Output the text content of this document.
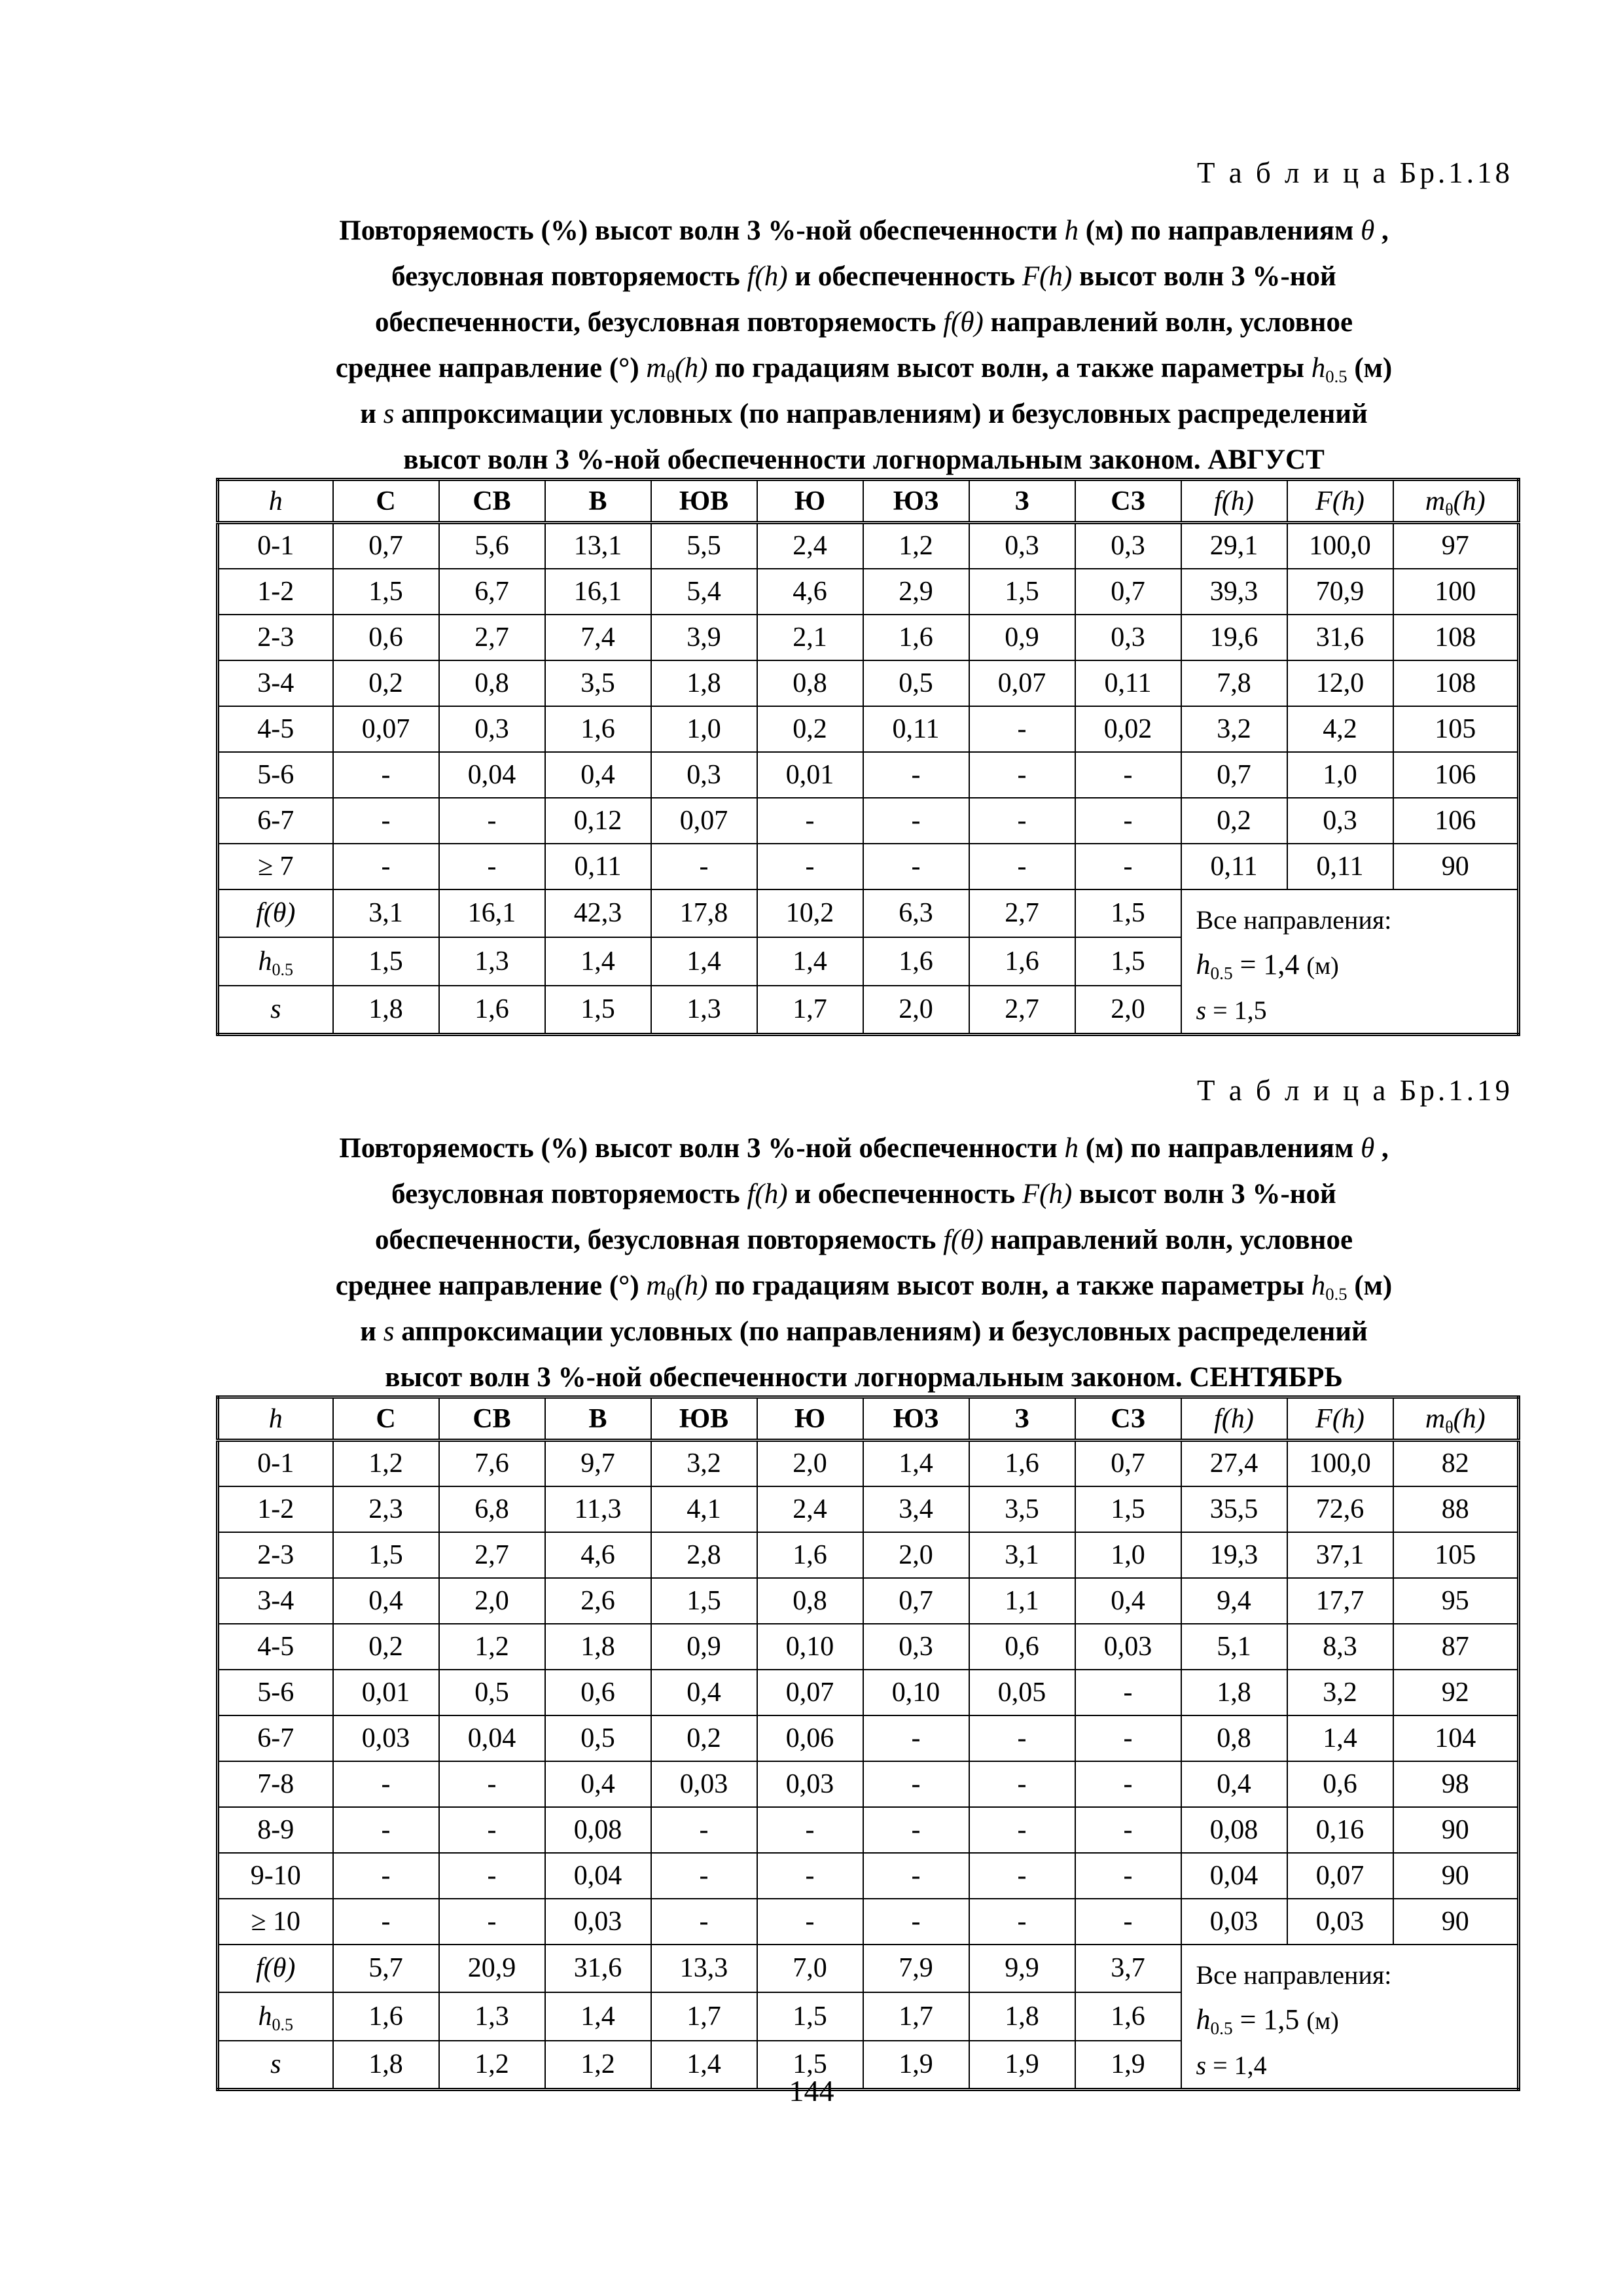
Т а б л и ц а Бр.1.18
Повторяемость (%) высот волн 3 %-ной обеспеченности h (м) по направлениям θ ,
безусловная повторяемость f(h) и обеспеченность F(h) высот волн 3 %-ной
обеспеченности, безусловная повторяемость f(θ) направлений волн, условное
среднее направление (°) $m_\theta(h)$ по градациям высот волн, а также параметры $h_{0.5}$ (м)
и s аппроксимации условных (по направлениям) и безусловных распределений
высот волн 3 %-ной обеспеченности логнормальным законом. АВГУСТ
h	С	СВ	В	ЮВ	Ю	ЮЗ	З	СЗ	f(h)	F(h)	$m_\theta(h)$
0-1	0,7	5,6	13,1	5,5	2,4	1,2	0,3	0,3	29,1	100,0	97
1-2	1,5	6,7	16,1	5,4	4,6	2,9	1,5	0,7	39,3	70,9	100
2-3	0,6	2,7	7,4	3,9	2,1	1,6	0,9	0,3	19,6	31,6	108
3-4	0,2	0,8	3,5	1,8	0,8	0,5	0,07	0,11	7,8	12,0	108
4-5	0,07	0,3	1,6	1,0	0,2	0,11	-	0,02	3,2	4,2	105
5-6	-	0,04	0,4	0,3	0,01	-	-	-	0,7	1,0	106
6-7	-	-	0,12	0,07	-	-	-	-	0,2	0,3	106
≥ 7	-	-	0,11	-	-	-	-	-	0,11	0,11	90
f(θ)	3,1	16,1	42,3	17,8	10,2	6,3	2,7	1,5	Все направления:
$h_{0.5} = 1,4$ (м)
s = 1,5		

$h_{0.5}$	1,5	1,3	1,4	1,4	1,4	1,6	1,6	1,5			
s	1,8	1,6	1,5	1,3	1,7	2,0	2,7	2,0			
Т а б л и ц а Бр.1.19
Повторяемость (%) высот волн 3 %-ной обеспеченности h (м) по направлениям θ ,
безусловная повторяемость f(h) и обеспеченность F(h) высот волн 3 %-ной
обеспеченности, безусловная повторяемость f(θ) направлений волн, условное
среднее направление (°) $m_\theta(h)$ по градациям высот волн, а также параметры $h_{0.5}$ (м)
и s аппроксимации условных (по направлениям) и безусловных распределений
высот волн 3 %-ной обеспеченности логнормальным законом. СЕНТЯБРЬ
h	С	СВ	В	ЮВ	Ю	ЮЗ	З	СЗ	f(h)	F(h)	$m_\theta(h)$
0-1	1,2	7,6	9,7	3,2	2,0	1,4	1,6	0,7	27,4	100,0	82
1-2	2,3	6,8	11,3	4,1	2,4	3,4	3,5	1,5	35,5	72,6	88
2-3	1,5	2,7	4,6	2,8	1,6	2,0	3,1	1,0	19,3	37,1	105
3-4	0,4	2,0	2,6	1,5	0,8	0,7	1,1	0,4	9,4	17,7	95
4-5	0,2	1,2	1,8	0,9	0,10	0,3	0,6	0,03	5,1	8,3	87
5-6	0,01	0,5	0,6	0,4	0,07	0,10	0,05	-	1,8	3,2	92
6-7	0,03	0,04	0,5	0,2	0,06	-	-	-	0,8	1,4	104
7-8	-	-	0,4	0,03	0,03	-	-	-	0,4	0,6	98
8-9	-	-	0,08	-	-	-	-	-	0,08	0,16	90
9-10	-	-	0,04	-	-	-	-	-	0,04	0,07	90
≥ 10	-	-	0,03	-	-	-	-	-	0,03	0,03	90
f(θ)	5,7	20,9	31,6	13,3	7,0	7,9	9,9	3,7	Все направления:
$h_{0.5} = 1,5$ (м)
s = 1,4		

$h_{0.5}$	1,6	1,3	1,4	1,7	1,5	1,7	1,8	1,6			
s	1,8	1,2	1,2	1,4	1,5	1,9	1,9	1,9			
144
